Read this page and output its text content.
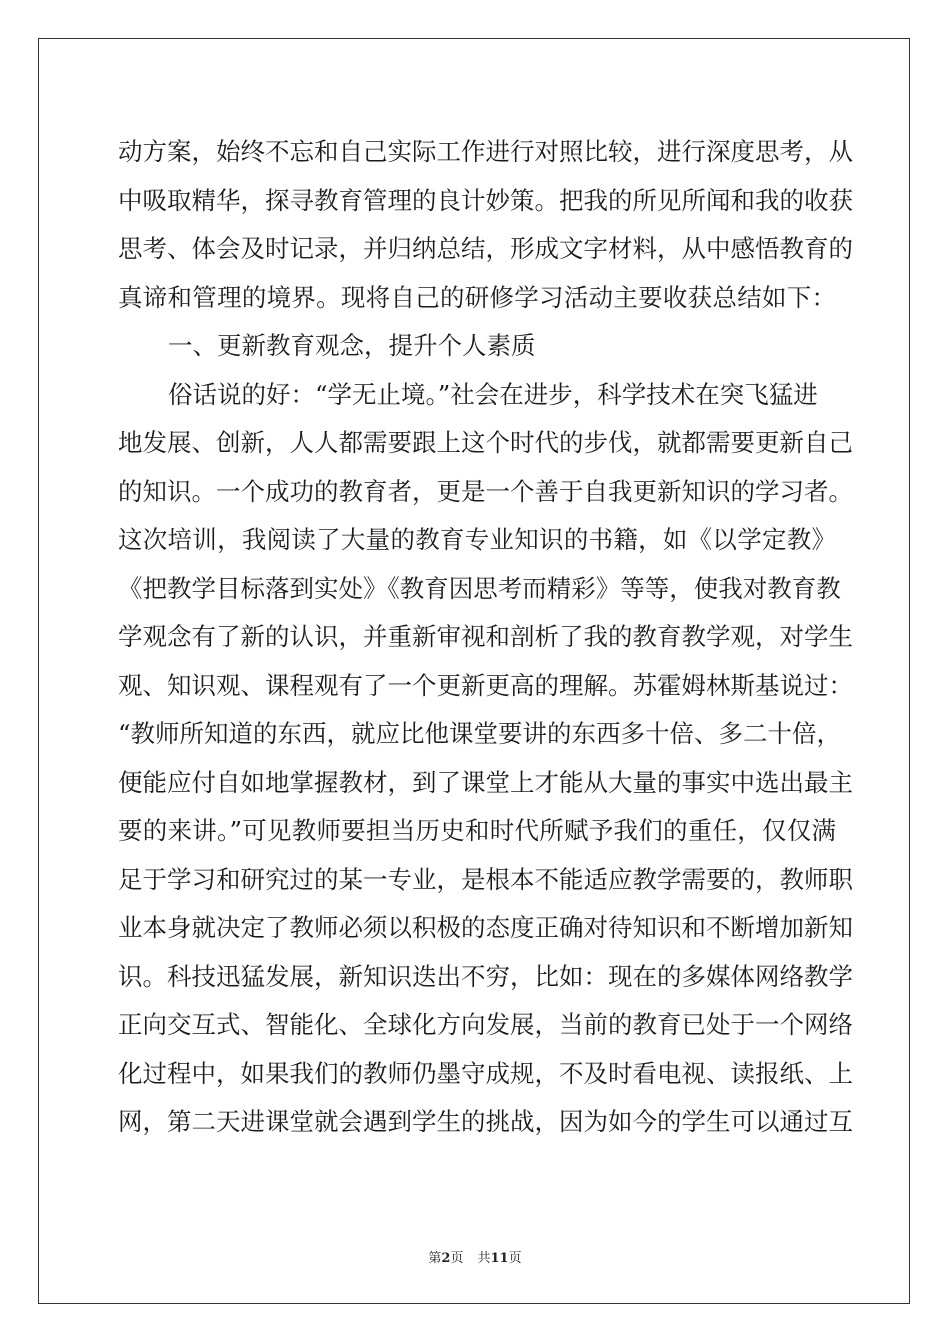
动方案，始终不忘和自己实际工作进行对照比较，进行深度思考，从
中吸取精华，探寻教育管理的良计妙策。把我的所见所闻和我的收获
思考、体会及时记录，并归纳总结，形成文字材料，从中感悟教育的
真谛和管理的境界。现将自己的研修学习活动主要收获总结如下：
一、更新教育观念，提升个人素质
俗话说的好：“学无止境。”社会在进步，科学技术在突飞猛进
地发展、创新，人人都需要跟上这个时代的步伐，就都需要更新自己
的知识。一个成功的教育者，更是一个善于自我更新知识的学习者。
这次培训，我阅读了大量的教育专业知识的书籍，如《以学定教》
《把教学目标落到实处》《教育因思考而精彩》等等，使我对教育教
学观念有了新的认识，并重新审视和剖析了我的教育教学观，对学生
观、知识观、课程观有了一个更新更高的理解。苏霍姆林斯基说过：
“教师所知道的东西，就应比他课堂要讲的东西多十倍、多二十倍，
便能应付自如地掌握教材，到了课堂上才能从大量的事实中选出最主
要的来讲。”可见教师要担当历史和时代所赋予我们的重任，仅仅满
足于学习和研究过的某一专业，是根本不能适应教学需要的，教师职
业本身就决定了教师必须以积极的态度正确对待知识和不断增加新知
识。科技迅猛发展，新知识迭出不穷，比如：现在的多媒体网络教学
正向交互式、智能化、全球化方向发展，当前的教育已处于一个网络
化过程中，如果我们的教师仍墨守成规，不及时看电视、读报纸、上
网，第二天进课堂就会遇到学生的挑战，因为如今的学生可以通过互
第2页 共11页
